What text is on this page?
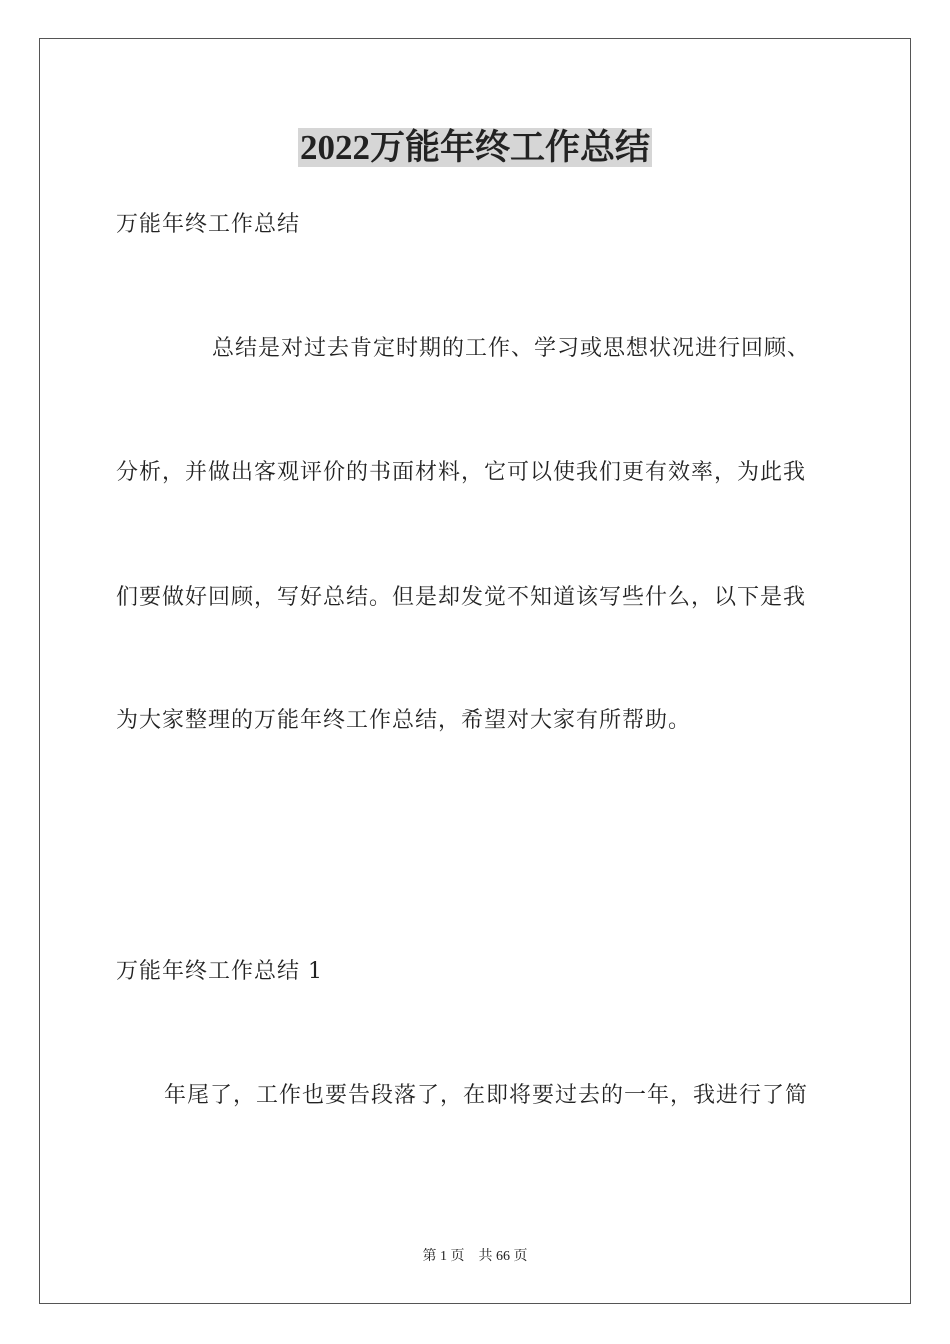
2022万能年终工作总结
万能年终工作总结
总结是对过去肯定时期的工作、学习或思想状况进行回顾、
分析，并做出客观评价的书面材料，它可以使我们更有效率，为此我
们要做好回顾，写好总结。但是却发觉不知道该写些什么，以下是我
为大家整理的万能年终工作总结，希望对大家有所帮助。
万能年终工作总结 1
年尾了，工作也要告段落了，在即将要过去的一年，我进行了简
第 1 页 共 66 页
